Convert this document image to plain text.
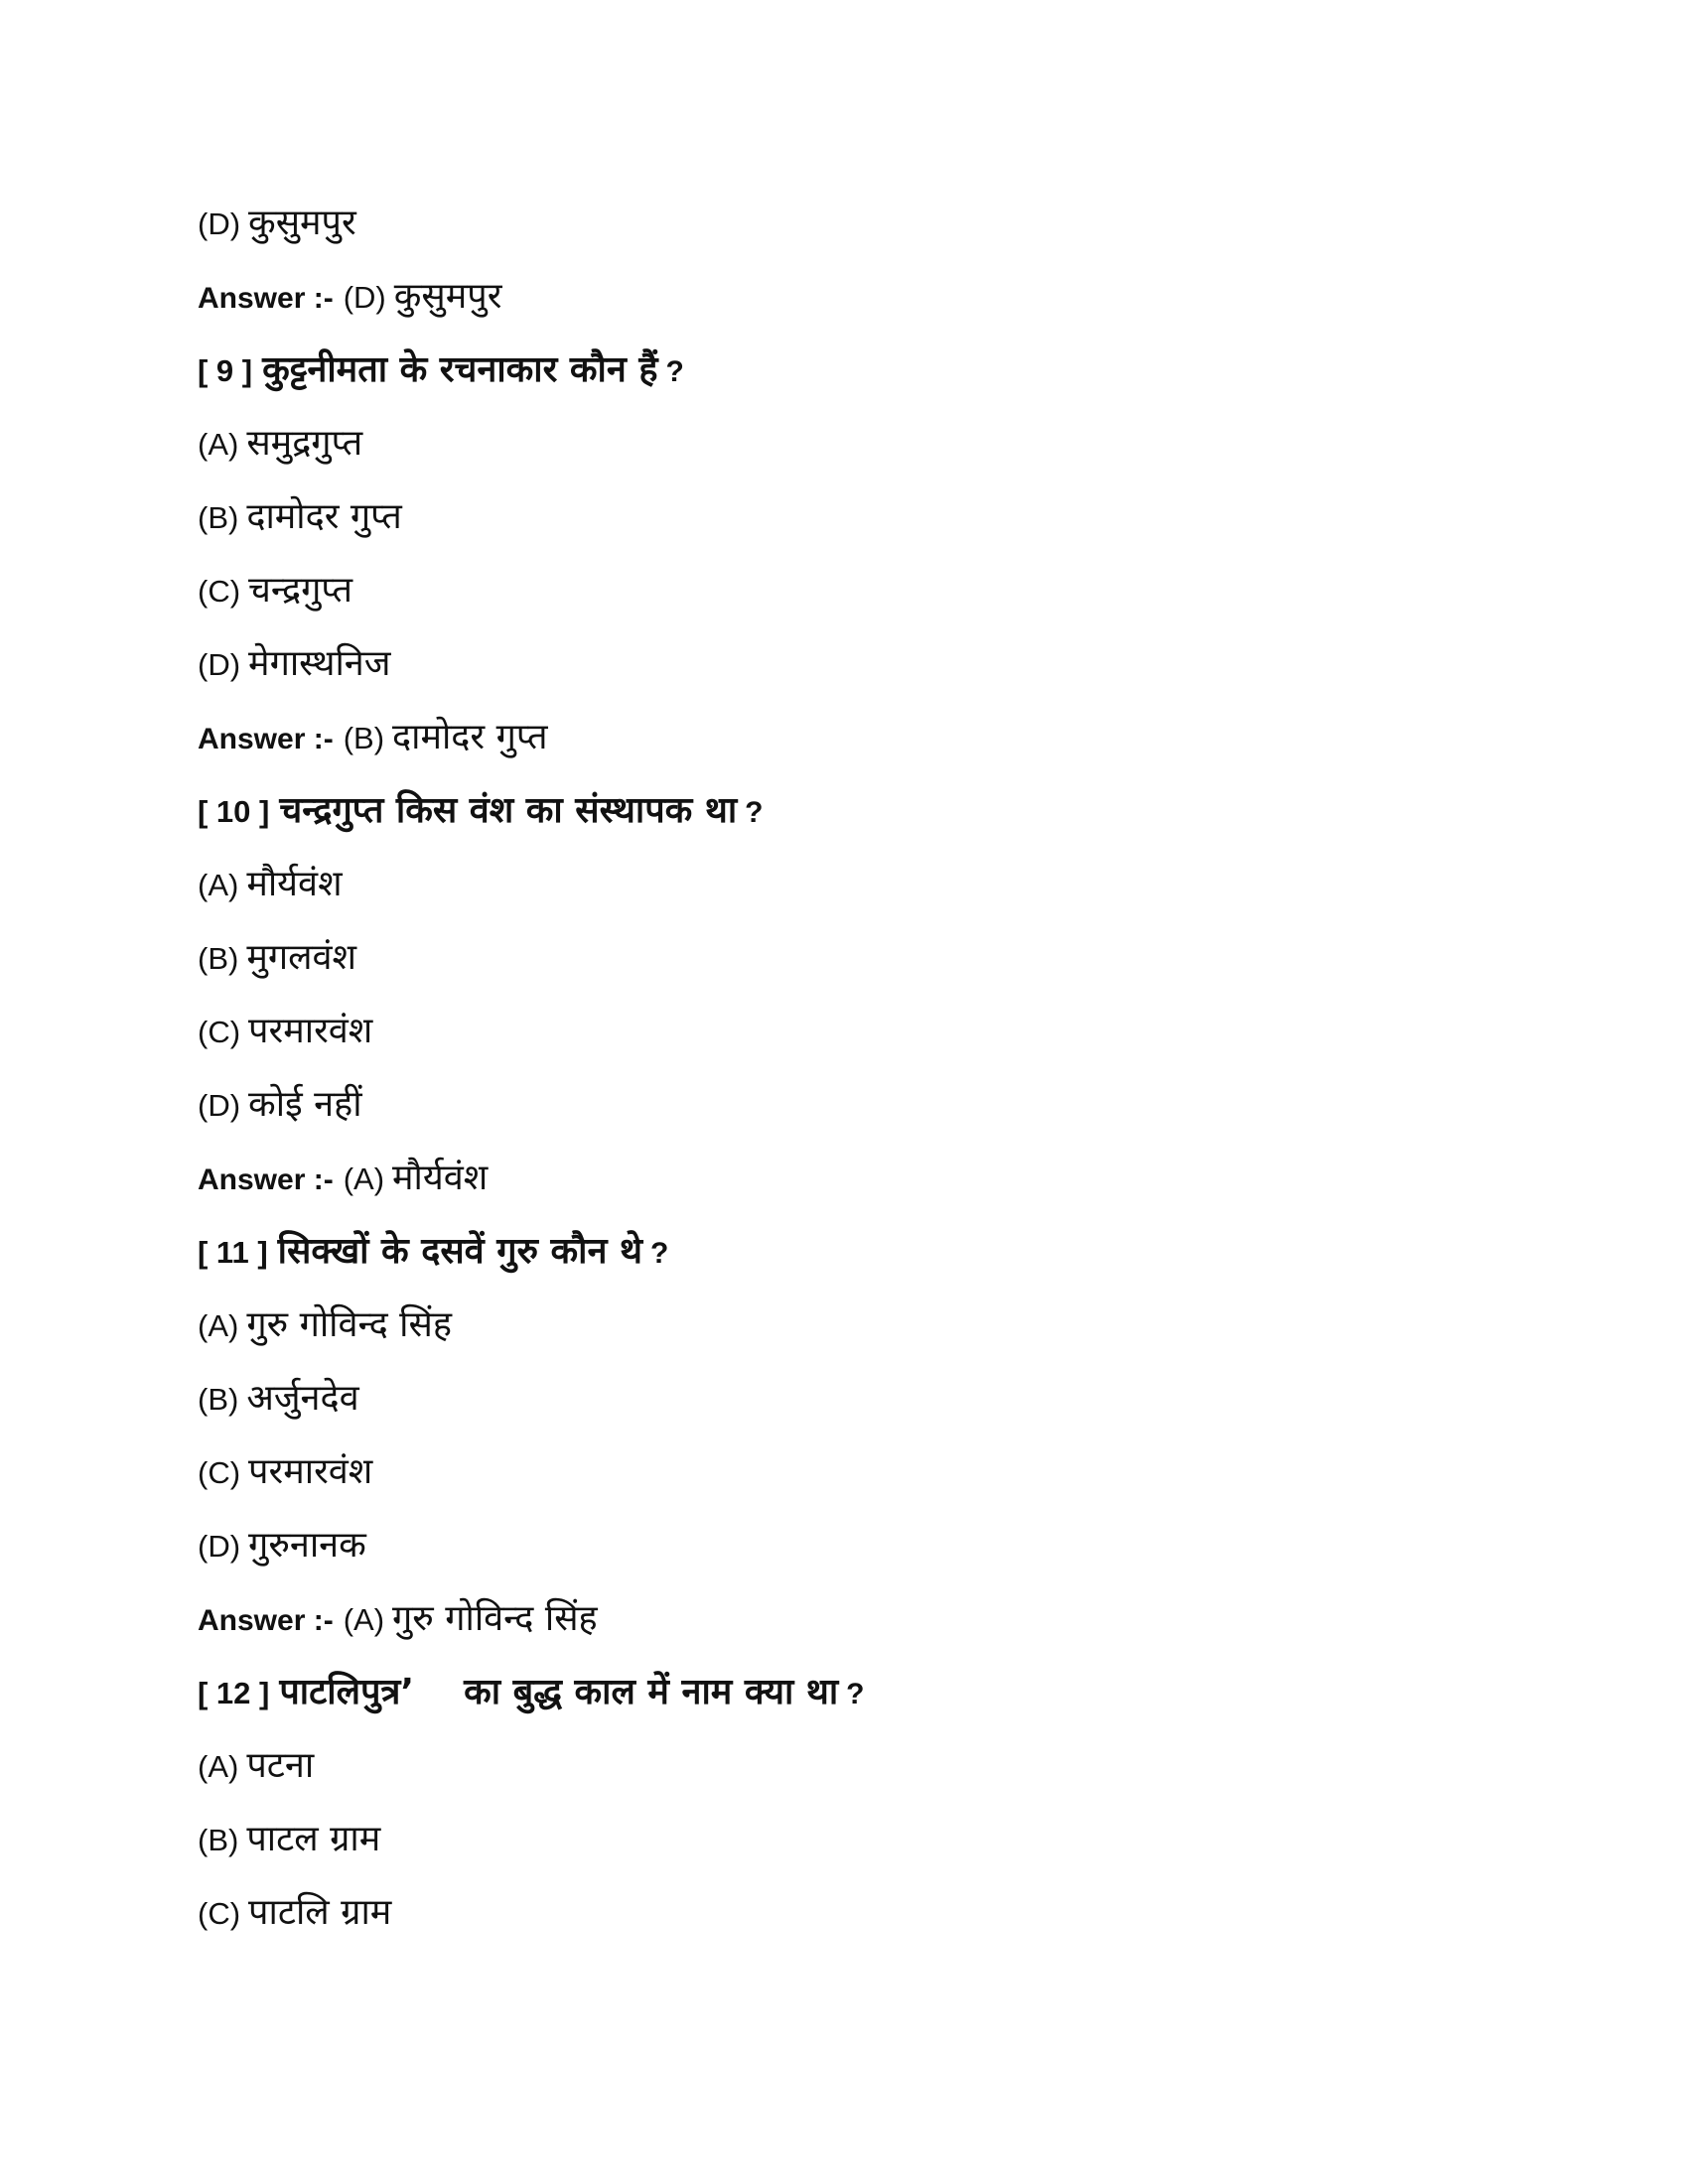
(D) कुसुमपुर
Answer :- (D) कुसुमपुर
[ 9 ] कुट्टनीमता के रचनाकार कौन हैं ?
(A) समुद्रगुप्त
(B) दामोदर गुप्त
(C) चन्द्रगुप्त
(D) मेगास्थनिज
Answer :- (B) दामोदर गुप्त
[ 10 ] चन्द्रगुप्त किस वंश का संस्थापक था ?
(A) मौर्यवंश
(B) मुगलवंश
(C) परमारवंश
(D) कोई नहीं
Answer :- (A) मौर्यवंश
[ 11 ] सिक्खों के दसवें गुरु कौन थे ?
(A) गुरु गोविन्द सिंह
(B) अर्जुनदेव
(C) परमारवंश
(D) गुरुनानक
Answer :- (A) गुरु गोविन्द सिंह
[ 12 ] पाटलिपुत्र’    का बुद्ध काल में नाम क्या था ?
(A) पटना
(B) पाटल ग्राम
(C) पाटलि ग्राम
